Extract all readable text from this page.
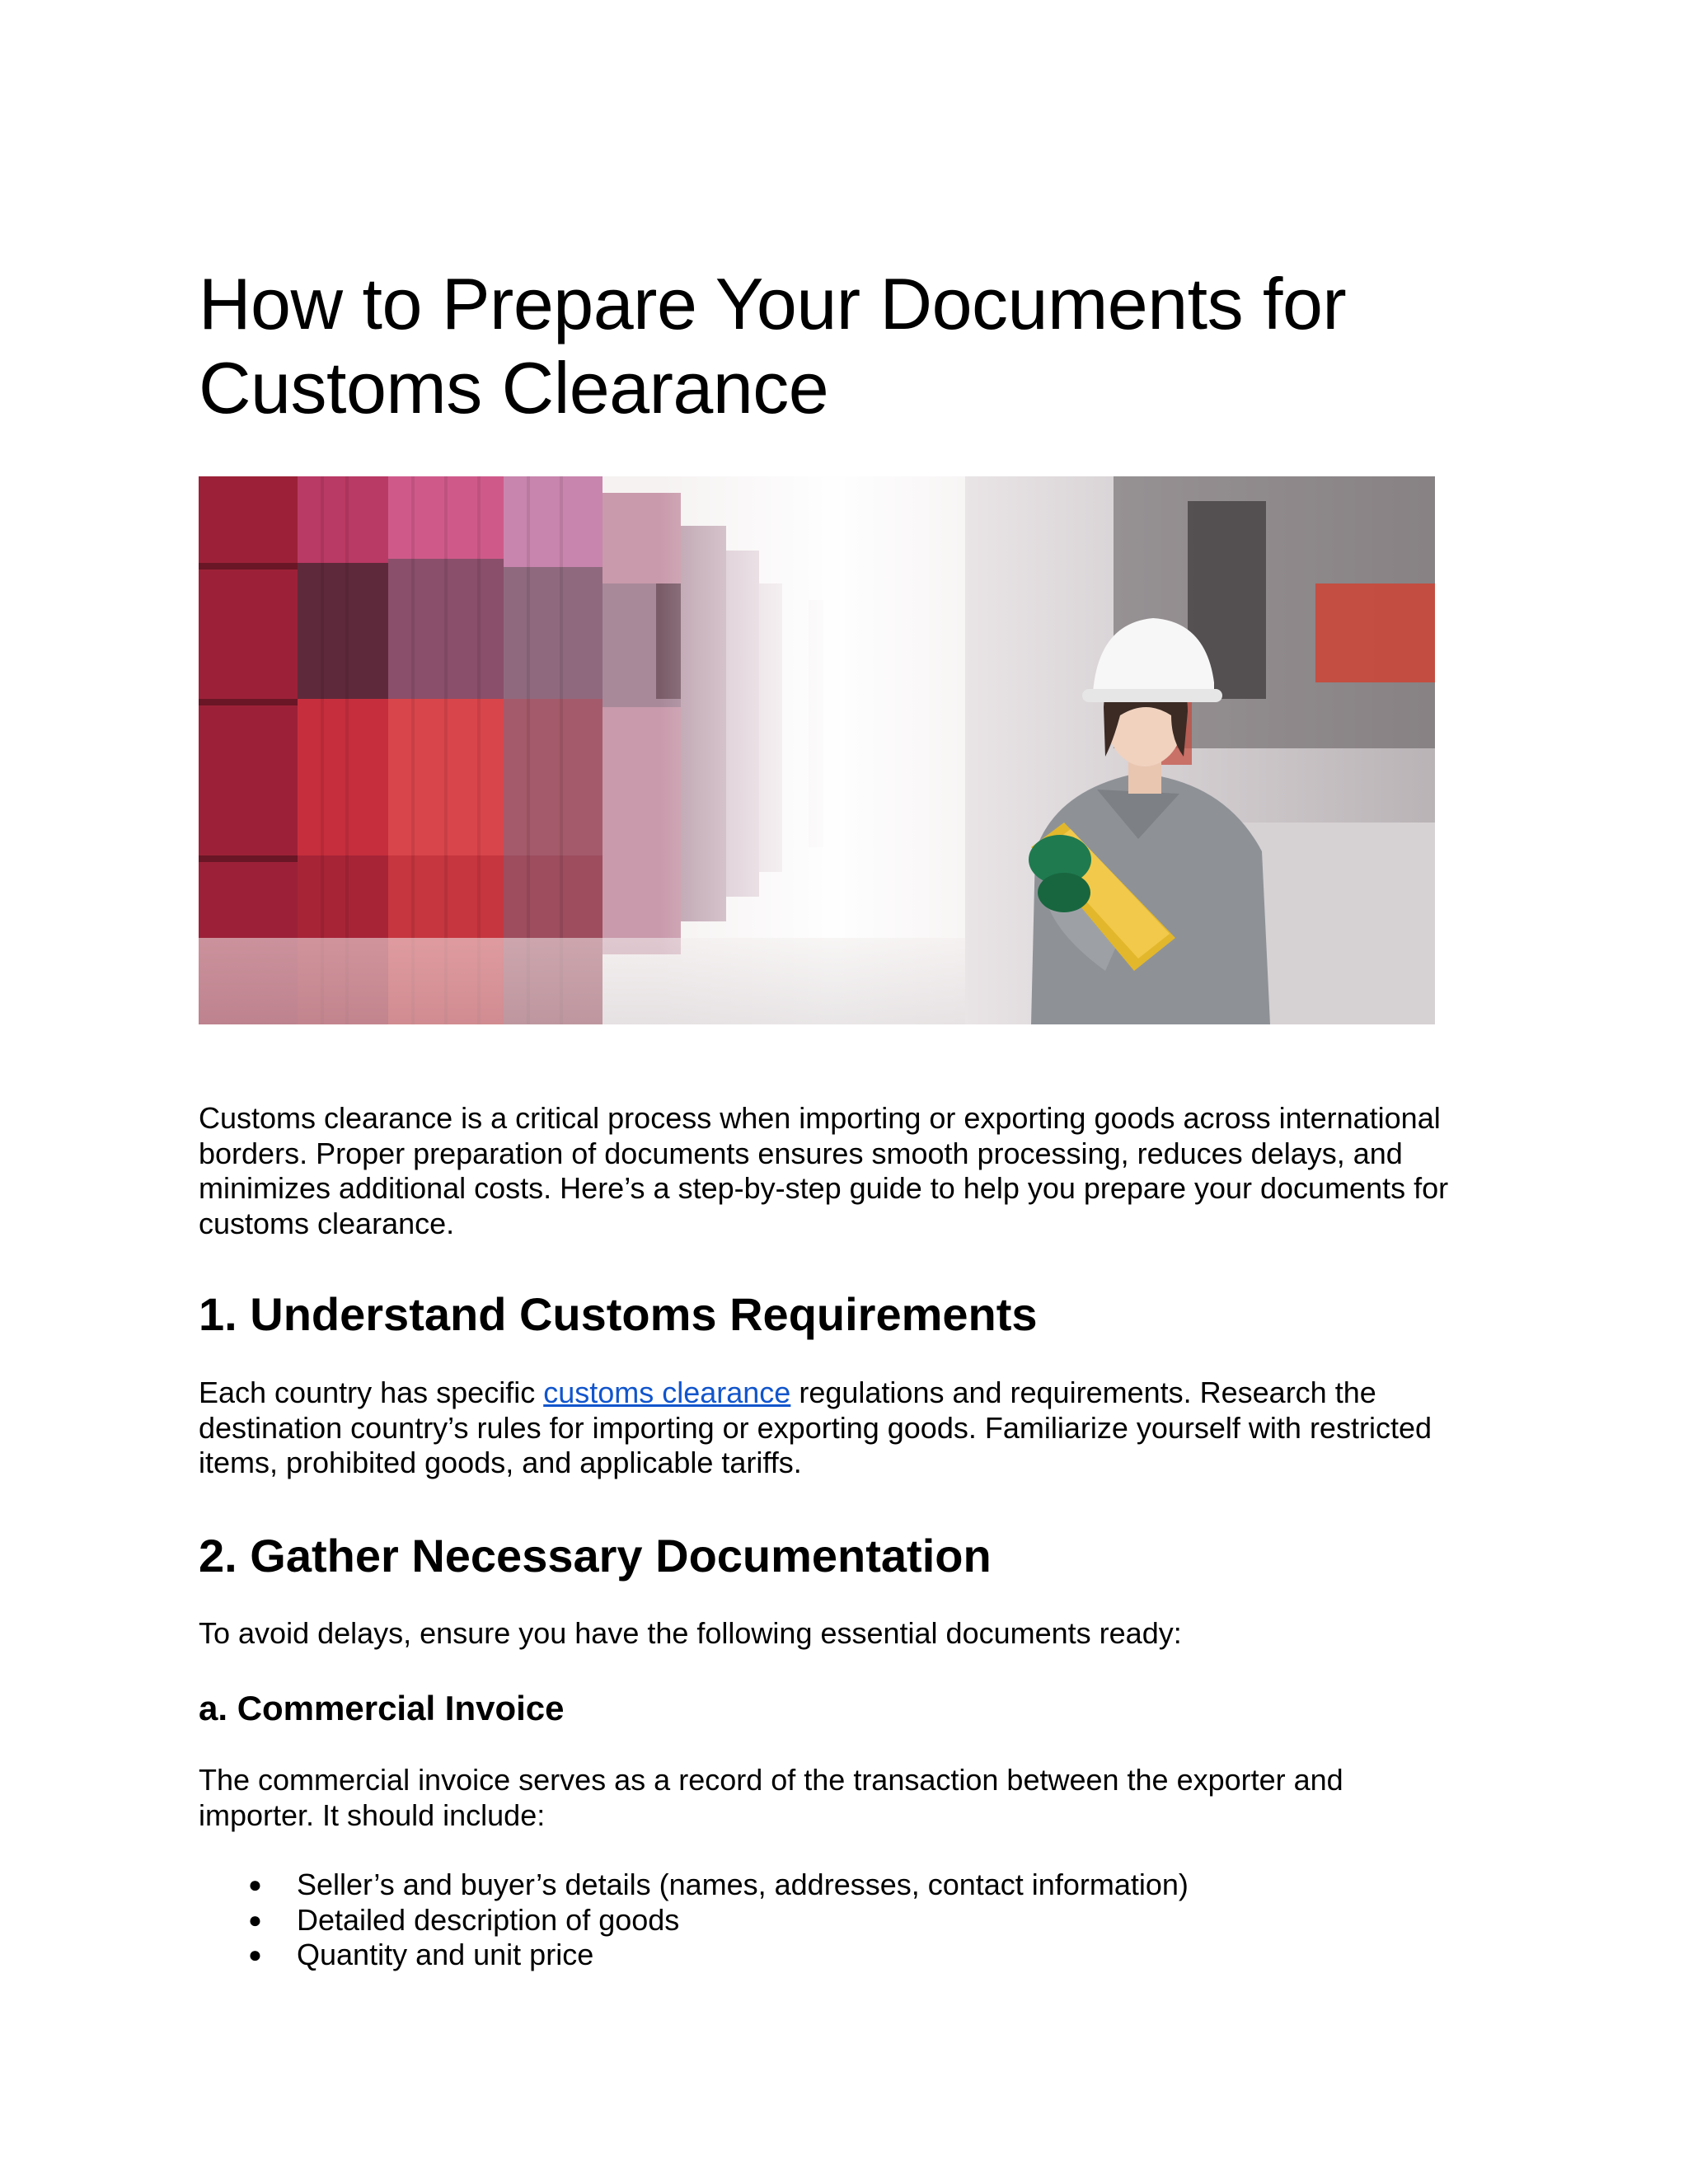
How to Prepare Your Documents for
Customs Clearance

Customs clearance is a critical process when importing or exporting goods across international
borders. Proper preparation of documents ensures smooth processing, reduces delays, and
minimizes additional costs. Here’s a step-by-step guide to help you prepare your documents for
customs clearance.

1. Understand Customs Requirements

Each country has specific customs clearance regulations and requirements. Research the
destination country’s rules for importing or exporting goods. Familiarize yourself with restricted
items, prohibited goods, and applicable tariffs.

2. Gather Necessary Documentation

To avoid delays, ensure you have the following essential documents ready:

a. Commercial Invoice

The commercial invoice serves as a record of the transaction between the exporter and
importer. It should include:

● Seller’s and buyer’s details (names, addresses, contact information)
● Detailed description of goods
● Quantity and unit price
